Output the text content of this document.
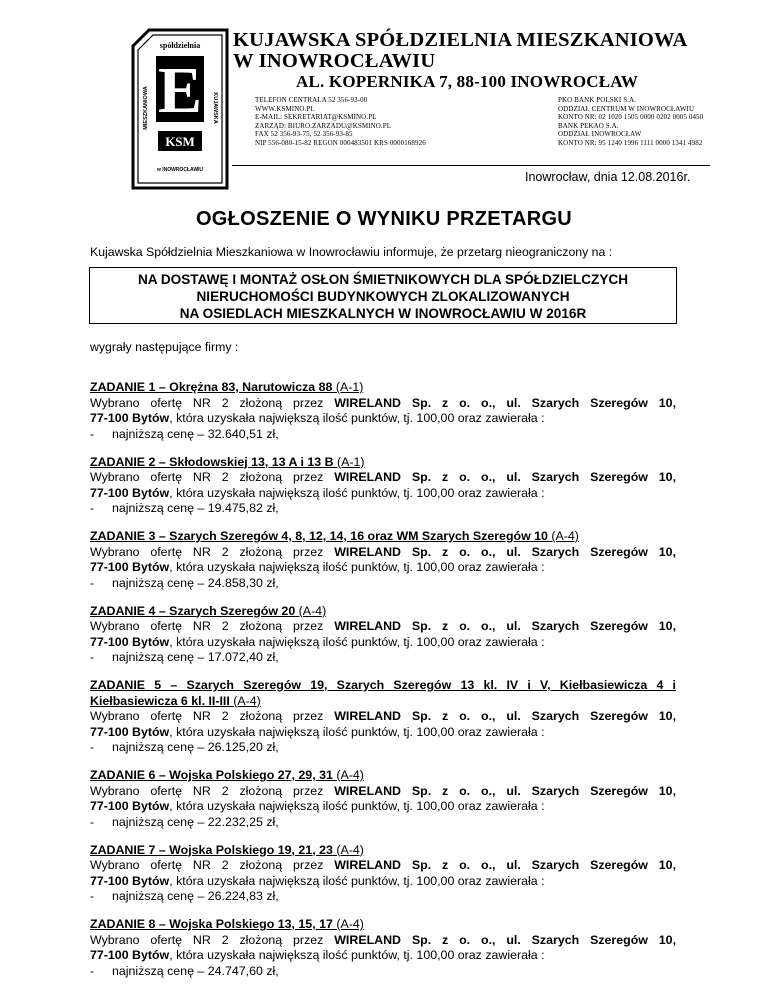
spółdzielnia
MIESZKANIOWA	KUJAWSKA
E
KSM
w INOWROCŁAWIU
KUJAWSKA SPÓŁDZIELNIA MIESZKANIOWA
W INOWROCŁAWIU
AL. KOPERNIKA 7, 88-100 INOWROCŁAW
TELEFON CENTRALA 52 356-93-00
WWW.KSMINO.PL
E-MAIL: SEKRETARIAT@KSMINO.PL
ZARZĄD: BIURO.ZARZADU@KSMINO.PL
FAX 52 356-93-75, 52 356-93-85
NIP 556-080-15-82 REGON 000483501 KRS 0000168926
PKO BANK POLSKI S.A.
ODDZIAŁ CENTRUM W INOWROCŁAWIU
KONTO NR: 02 1020 1505 0000 0202 0005 0450
BANK PEKAO S.A.
ODDZIAŁ INOWROCŁAW
KONTO NR: 95 1240 1996 1111 0000 1341 4982
Inowrocław, dnia 12.08.2016r.
OGŁOSZENIE O WYNIKU PRZETARGU
Kujawska Spółdzielnia Mieszkaniowa w Inowrocławiu informuje, że przetarg nieograniczony na :
NA DOSTAWĘ I MONTAŻ OSŁON ŚMIETNIKOWYCH DLA SPÓŁDZIELCZYCH
NIERUCHOMOŚCI BUDYNKOWYCH ZLOKALIZOWANYCH
NA OSIEDLACH MIESZKALNYCH W INOWROCŁAWIU W 2016R
wygrały następujące firmy :
ZADANIE 1 – Okrężna 83, Narutowicza 88 (A-1)
Wybrano ofertę NR 2 złożoną przez WIRELAND Sp. z o. o., ul. Szarych Szeregów 10,
77-100 Bytów, która uzyskała największą ilość punktów, tj. 100,00 oraz zawierała :
- najniższą cenę – 32.640,51 zł,
ZADANIE 2 – Skłodowskiej 13, 13 A i 13 B (A-1)
Wybrano ofertę NR 2 złożoną przez WIRELAND Sp. z o. o., ul. Szarych Szeregów 10,
77-100 Bytów, która uzyskała największą ilość punktów, tj. 100,00 oraz zawierała :
- najniższą cenę – 19.475,82 zł,
ZADANIE 3 – Szarych Szeregów 4, 8, 12, 14, 16 oraz WM Szarych Szeregów 10 (A-4)
Wybrano ofertę NR 2 złożoną przez WIRELAND Sp. z o. o., ul. Szarych Szeregów 10,
77-100 Bytów, która uzyskała największą ilość punktów, tj. 100,00 oraz zawierała :
- najniższą cenę – 24.858,30 zł,
ZADANIE 4 – Szarych Szeregów 20 (A-4)
Wybrano ofertę NR 2 złożoną przez WIRELAND Sp. z o. o., ul. Szarych Szeregów 10,
77-100 Bytów, która uzyskała największą ilość punktów, tj. 100,00 oraz zawierała :
- najniższą cenę – 17.072,40 zł,
ZADANIE 5 – Szarych Szeregów 19, Szarych Szeregów 13 kl. IV i V, Kiełbasiewicza 4 i Kiełbasiewicza 6 kl. II-III (A-4)
Wybrano ofertę NR 2 złożoną przez WIRELAND Sp. z o. o., ul. Szarych Szeregów 10,
77-100 Bytów, która uzyskała największą ilość punktów, tj. 100,00 oraz zawierała :
- najniższą cenę – 26.125,20 zł,
ZADANIE 6 – Wojska Polskiego 27, 29, 31 (A-4)
Wybrano ofertę NR 2 złożoną przez WIRELAND Sp. z o. o., ul. Szarych Szeregów 10,
77-100 Bytów, która uzyskała największą ilość punktów, tj. 100,00 oraz zawierała :
- najniższą cenę – 22.232,25 zł,
ZADANIE 7 – Wojska Polskiego 19, 21, 23 (A-4)
Wybrano ofertę NR 2 złożoną przez WIRELAND Sp. z o. o., ul. Szarych Szeregów 10,
77-100 Bytów, która uzyskała największą ilość punktów, tj. 100,00 oraz zawierała :
- najniższą cenę – 26.224,83 zł,
ZADANIE 8 – Wojska Polskiego 13, 15, 17 (A-4)
Wybrano ofertę NR 2 złożoną przez WIRELAND Sp. z o. o., ul. Szarych Szeregów 10,
77-100 Bytów, która uzyskała największą ilość punktów, tj. 100,00 oraz zawierała :
- najniższą cenę – 24.747,60 zł,
